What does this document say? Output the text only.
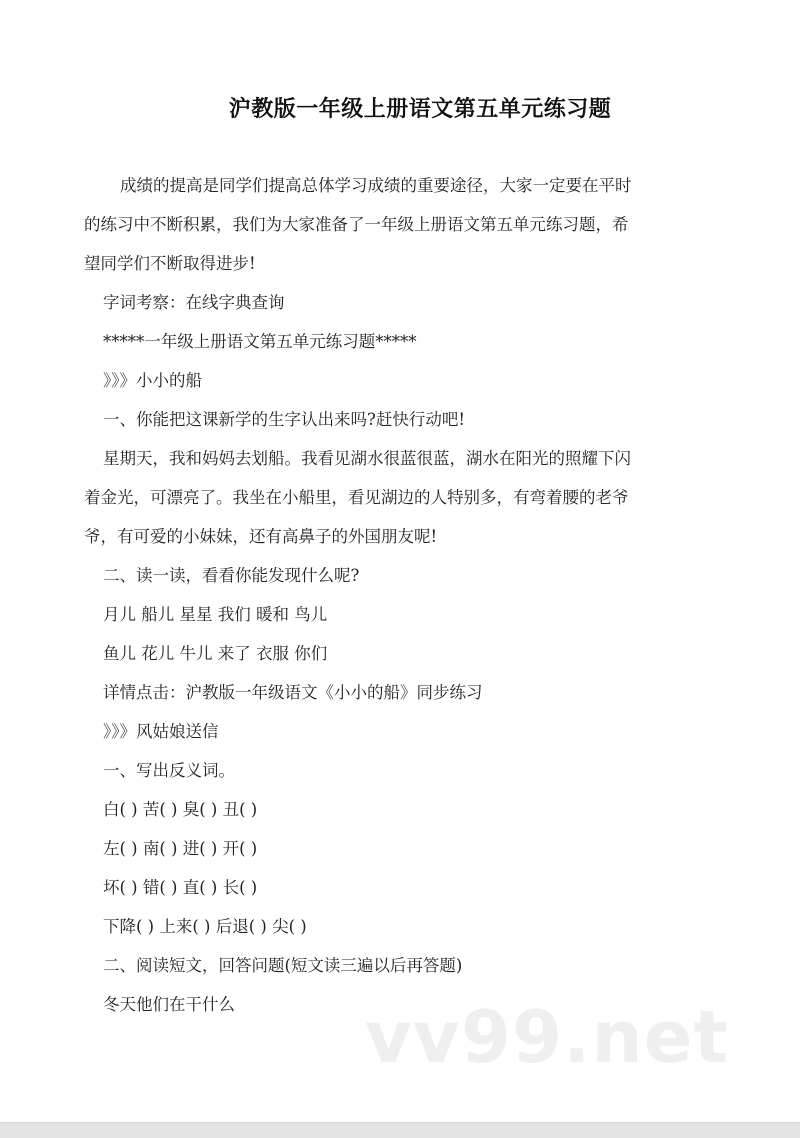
沪教版一年级上册语文第五单元练习题
成绩的提高是同学们提高总体学习成绩的重要途径，大家一定要在平时
的练习中不断积累，我们为大家准备了一年级上册语文第五单元练习题，希
望同学们不断取得进步!
字词考察：在线字典查询
*****一年级上册语文第五单元练习题*****
》》》小小的船
一、你能把这课新学的生字认出来吗?赶快行动吧!
星期天，我和妈妈去划船。我看见湖水很蓝很蓝，湖水在阳光的照耀下闪
着金光，可漂亮了。我坐在小船里，看见湖边的人特别多，有弯着腰的老爷
爷，有可爱的小妹妹，还有高鼻子的外国朋友呢!
二、读一读，看看你能发现什么呢?
月儿 船儿 星星 我们 暖和 鸟儿
鱼儿 花儿 牛儿 来了 衣服 你们
详情点击：沪教版一年级语文《小小的船》同步练习
》》》风姑娘送信
一、写出反义词。
白( ) 苦( ) 臭( ) 丑( )
左( ) 南( ) 进( ) 开( )
坏( ) 错( ) 直( ) 长( )
下降( ) 上来( ) 后退( ) 尖( )
二、阅读短文，回答问题(短文读三遍以后再答题)
冬天他们在干什么	vv99.net
